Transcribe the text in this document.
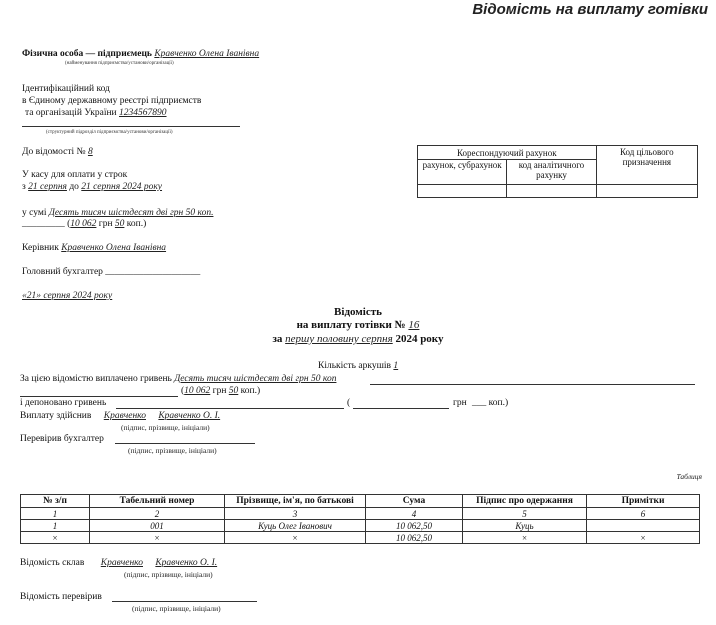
Відомість на виплату готівки
Фізична особа — підприємець Кравченко Олена Іванівна
(найменування підприємства/установи/організації)
Ідентифікаційний код
в Єдиному державному реєстрі підприємств
та організацій України 1234567890
(структурний підрозділ підприємства/установи/організації)
До відомості № 8
У касу для оплати у строк
з 21 серпня до 21 серпня 2024 року
у сумі Десять тисяч шістдесят дві грн 50 коп.
_________ (10 062 грн 50 коп.)
Керівник Кравченко Олена Іванівна
Головний бухгалтер ____________________
«21» серпня 2024 року
Кореспондуючий рахунок		Код цільового призначення
рахунок, субрахунок	код аналітичного рахунку	

Відомість
на виплату готівки № 16
за першу половину серпня 2024 року
Кількість аркушів 1
За цією відомістю виплачено гривень Десять тисяч шістдесят дві грн 50 коп
(10 062 грн 50 коп.)
і депоновано гривень	(	грн ___ коп.)
Виплату здійснив Кравченко Кравченко О. І.
(підпис, прізвище, ініціали)
Перевірив бухгалтер
(підпис, прізвище, ініціали)
Таблиця
№ з/п	Табельний номер	Прізвище, ім'я, по батькові	Сума	Підпис про одержання	Примітки
1	2	3	4	5	6
1	001	Куць Олег Іванович	10 062,50	Куць	
×	×	×	10 062,50	×	×
Відомість склав Кравченко Кравченко О. І.
(підпис, прізвище, ініціали)
Відомість перевірив
(підпис, прізвище, ініціали)
